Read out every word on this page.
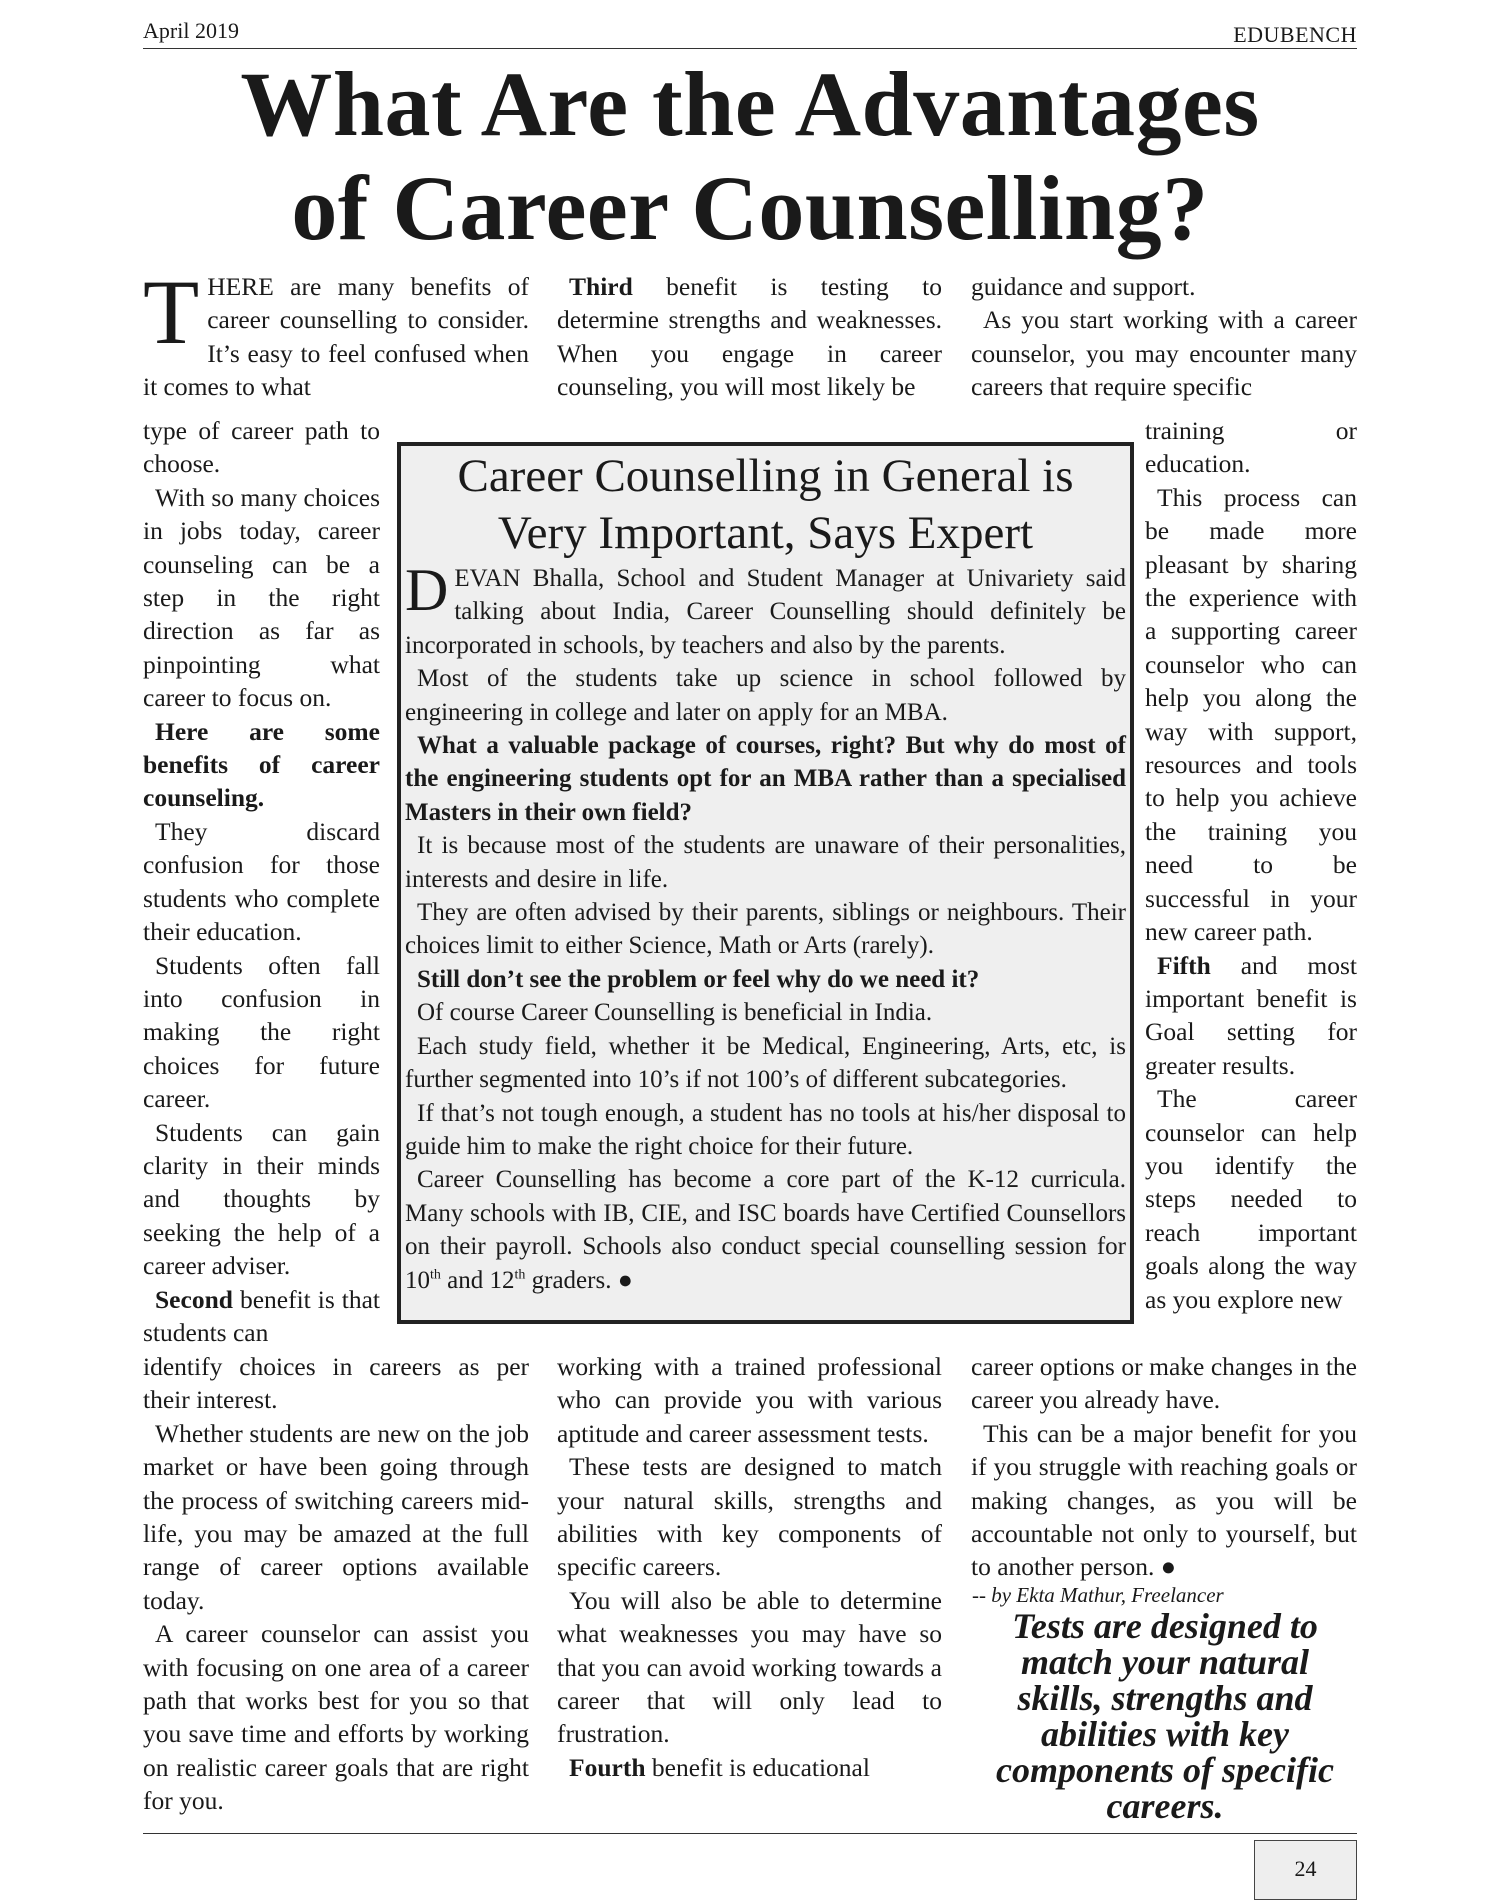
April 2019	EDUBENCH
What Are the Advantages
of Career Counselling?

THERE are many benefits of career counselling to consider. It’s easy to feel confused when it comes to what

Third benefit is testing to determine strengths and weaknesses. When you engage in career counseling, you will most likely be

guidance and support.

As you start working with a career counselor, you may encounter many careers that require specific

type of career path to choose.

With so many choices in jobs today, career counseling can be a step in the right direction as far as pinpointing what career to focus on.

Here are some benefits of career counseling.

They discard confusion for those students who complete their education.

Students often fall into confusion in making the right choices for future career.

Students can gain clarity in their minds and thoughts by seeking the help of a career adviser.

Second benefit is that students can

Career Counselling in General is
Very Important, Says Expert

DEVAN Bhalla, School and Student Manager at Univariety said talking about India, Career Counselling should definitely be incorporated in schools, by teachers and also by the parents.

Most of the students take up science in school followed by engineering in college and later on apply for an MBA.

What a valuable package of courses, right? But why do most of the engineering students opt for an MBA rather than a specialised Masters in their own field?

It is because most of the students are unaware of their personalities, interests and desire in life.

They are often advised by their parents, siblings or neighbours. Their choices limit to either Science, Math or Arts (rarely).

Still don’t see the problem or feel why do we need it?

Of course Career Counselling is beneficial in India.

Each study field, whether it be Medical, Engineering, Arts, etc, is further segmented into 10’s if not 100’s of different subcategories.

If that’s not tough enough, a student has no tools at his/her disposal to guide him to make the right choice for their future.

Career Counselling has become a core part of the K-12 curricula. Many schools with IB, CIE, and ISC boards have Certified Counsellors on their payroll. Schools also conduct special counselling session for 10th and 12th graders. ●

training or education.

This process can be made more pleasant by sharing the experience with a supporting career counselor who can help you along the way with support, resources and tools to help you achieve the training you need to be successful in your new career path.

Fifth and most important benefit is Goal setting for greater results.

The career counselor can help you identify the steps needed to reach important goals along the way as you explore new

identify choices in careers as per their interest.

Whether students are new on the job market or have been going through the process of switching careers mid-life, you may be amazed at the full range of career options available today.

A career counselor can assist you with focusing on one area of a career path that works best for you so that you save time and efforts by working on realistic career goals that are right for you.

working with a trained professional who can provide you with various aptitude and career assessment tests.

These tests are designed to match your natural skills, strengths and abilities with key components of specific careers.

You will also be able to determine what weaknesses you may have so that you can avoid working towards a career that will only lead to frustration.

Fourth benefit is educational

career options or make changes in the career you already have.

This can be a major benefit for you if you struggle with reaching goals or making changes, as you will be accountable not only to yourself, but to another person. ●

-- by Ekta Mathur, Freelancer
Tests are designed to match your natural skills, strengths and abilities with key components of specific careers.
24
